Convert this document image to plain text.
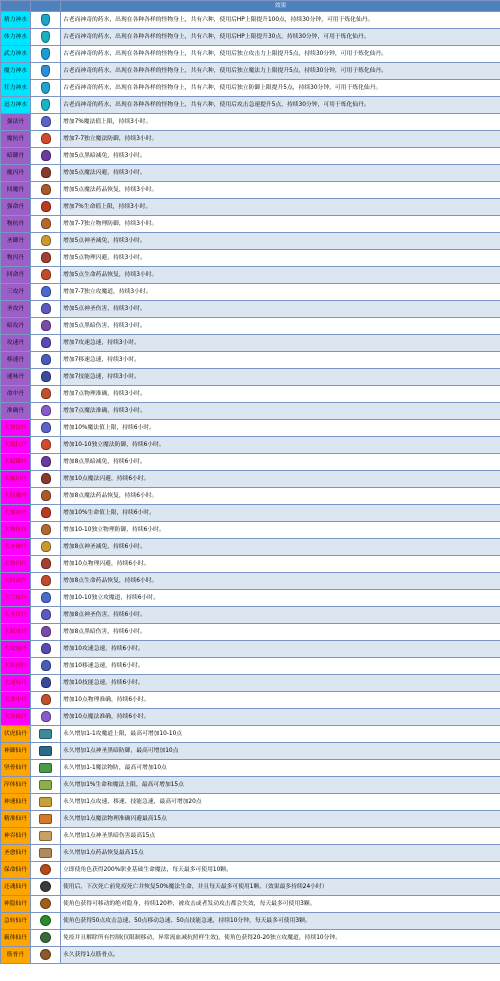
		效果
精力神水		古老而神奇的药水，出现在各种各样的怪物身上，共有六种，使用后HP上限提升100点，持续30分钟，可用于炼化仙丹。
体力神水		古老而神奇的药水，出现在各种各样的怪物身上，共有六种，使用后HP上限提升30点，持续30分钟，可用于炼化仙丹。
武力神水		古老而神奇的药水，出现在各种各样的怪物身上，共有六种，使用后独立攻击力上限提升5点，持续30分钟，可用于炼化仙丹。
魔力神水		古老而神奇的药水，出现在各种各样的怪物身上，共有六种，使用后独立魔法力上限提升5点，持续30分钟，可用于炼化仙丹。
狂力神水		古老而神奇的药水，出现在各种各样的怪物身上，共有六种，使用后独立防御上限提升5点，持续30分钟，可用于炼化仙丹。
迅力神水		古老而神奇的药水，出现在各种各样的怪物身上，共有六种，使用后攻击急速提升5点，持续30分钟，可用于炼化仙丹。
强法丹		增加7%魔法值上限，持续3小时。
魔抗丹		增加7-7独立魔法防御，持续3小时。
暗御丹		增加5点黑暗减免，持续3小时。
魔闪丹		增加5点魔法闪避，持续3小时。
回魔丹		增加5点魔法药品恢复，持续3小时。
强命丹		增加7%生命值上限，持续3小时。
物抗丹		增加7-7独立物理防御，持续3小时。
圣御丹		增加5点神圣减免，持续3小时。
物闪丹		增加5点物理闪避，持续3小时。
回命丹		增加5点生命药品恢复，持续3小时。
三攻丹		增加7-7独立攻魔道，持续3小时。
圣攻丹		增加5点神圣伤害，持续3小时。
暗攻丹		增加5点黑暗伤害，持续3小时。
攻速丹		增加7攻速急速，持续3小时。
移速丹		增加7移速急速，持续3小时。
速咏丹		增加7技能急速，持续3小时。
命中丹		增加7点物理准确，持续3小时。
准确丹		增加7点魔法准确，持续3小时。
大强法丹		增加10%魔法值上限，持续6小时。
大魔抗丹		增加10-10独立魔法防御，持续6小时。
大暗御丹		增加8点黑暗减免，持续6小时。
大魔闪丹		增加10点魔法闪避，持续6小时。
大回魔丹		增加8点魔法药品恢复，持续6小时。
大强命丹		增加10%生命值上限，持续6小时。
大物抗丹		增加10-10独立物理防御，持续6小时。
大圣御丹		增加8点神圣减免，持续6小时。
大物闪丹		增加10点物理闪避，持续6小时。
大回命丹		增加8点生命药品恢复，持续6小时。
大三攻丹		增加10-10独立攻魔道，持续6小时。
大圣攻丹		增加8点神圣伤害，持续6小时。
大暗攻丹		增加8点黑暗伤害，持续6小时。
大攻速丹		增加10攻速急速，持续6小时。
大移速丹		增加10移速急速，持续6小时。
大速咏丹		增加10技能急速，持续6小时。
大命中丹		增加10点物理准确，持续6小时。
大准确丹		增加10点魔法准确，持续6小时。
伏虎仙丹		永久增加1-1攻魔道上限，最高可增加10-10点
神御仙丹		永久增加1点神圣黑暗防御，最高可增加10点
坚骨仙丹		永久增加1-1魔法物防，最高可增加10点
淬体仙丹		永久增加1%生命和魔法上限，最高可增加15点
神速仙丹		永久增加1点攻速、移速、技能急速，最高可增加20点
精准仙丹		永久增加1点魔法物理准确闪避最高15点
神吞仙丹		永久增加1点神圣黑暗伤害最高15点
圣愈仙丹		永久增加1点药品恢复最高15点
保命仙丹		立即使角色获得200%职业基础生命魔法，每天最多可使用10颗。
还魂仙丹		使用后，下次死亡前免疫死亡并恢复50%魔法生命，并且每天最多可使用1颗。（效果最多持续24小时）
神隐仙丹		使角色获得可移动的绝对隐身，持续120秒，被攻击或者发动攻击都会失效，每天最多可使用3颗。
急转仙丹		使角色获得50点攻击急速、50点移动急速、50点技能急速，持续10分钟，每天最多可使用3颗。
霸体仙丹		免疫并且解除所有控制(仅限制移动，异常流血减抗照样生效)，使角色获得20-20独立攻魔道，持续10分钟。
筋骨丹		永久获得1点筋骨点。
